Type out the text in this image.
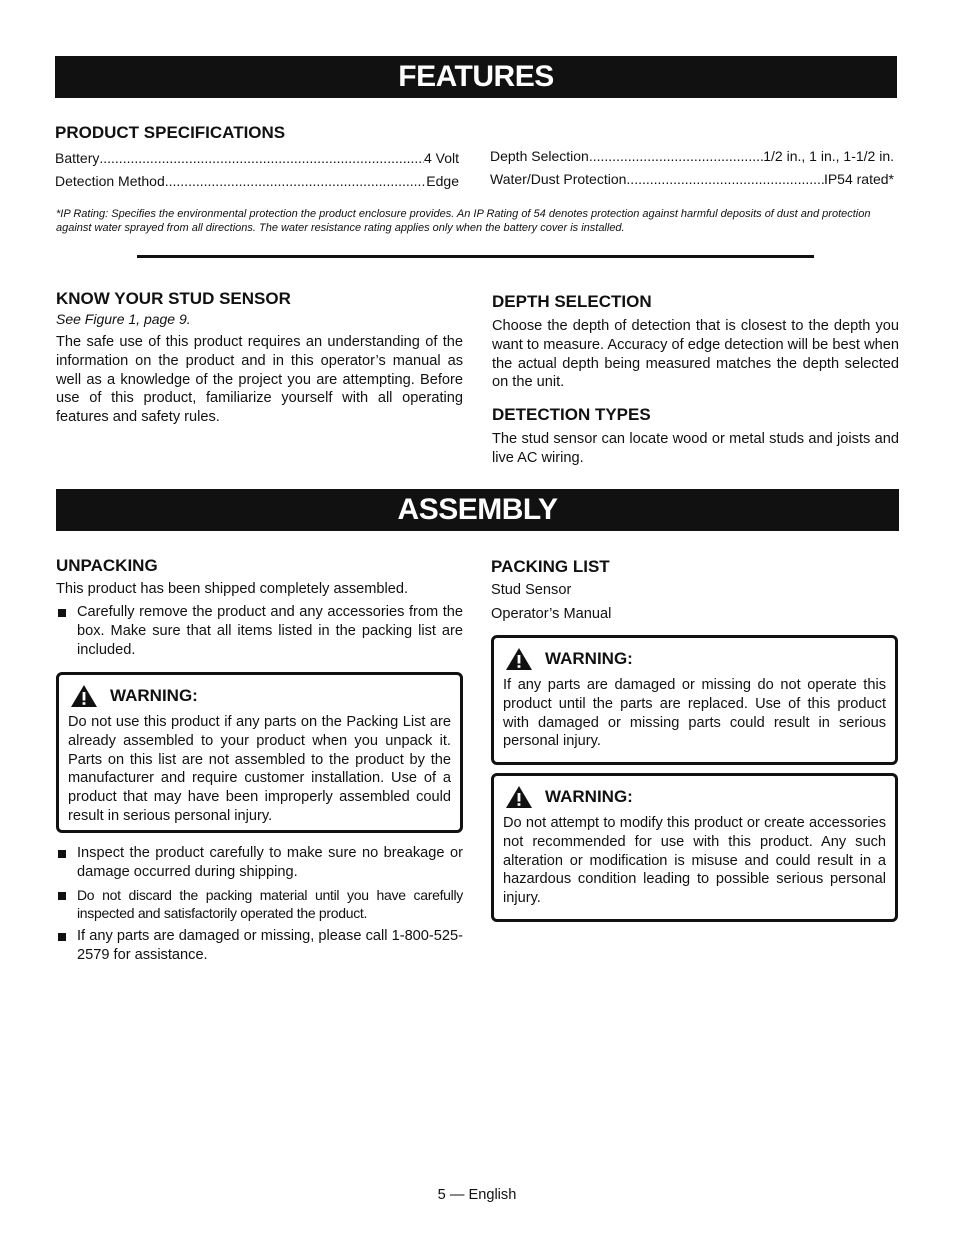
FEATURES
PRODUCT SPECIFICATIONS
Battery .....	4 Volt
Detection Method .....	Edge
Depth Selection .....	1/2 in., 1 in., 1-1/2 in.
Water/Dust Protection .....	IP54 rated*
*IP Rating: Specifies the environmental protection the product enclosure provides. An IP Rating of 54 denotes protection against harmful deposits of dust and protection against water sprayed from all directions. The water resistance rating applies only when the battery cover is installed.
KNOW YOUR STUD SENSOR
See Figure 1, page 9.
The safe use of this product requires an understanding of the information on the product and in this operator’s manual as well as a knowledge of the project you are attempting. Before use of this product, familiarize yourself with all operating features and safety rules.
DEPTH SELECTION
Choose the depth of detection that is closest to the depth you want to measure. Accuracy of edge detection will be best when the actual depth being measured matches the depth selected on the unit.
DETECTION TYPES
The stud sensor can locate wood or metal studs and joists and live AC wiring.
ASSEMBLY
UNPACKING
This product has been shipped completely assembled.
Carefully remove the product and any accessories from the box. Make sure that all items listed in the packing list are included.
WARNING:
Do not use this product if any parts on the Packing List are already assembled to your product when you unpack it. Parts on this list are not assembled to the product by the manufacturer and require customer installation. Use of a product that may have been improperly assembled could result in serious personal injury.
Inspect the product carefully to make sure no breakage or damage occurred during shipping.
Do not discard the packing material until you have carefully inspected and satisfactorily operated the product.
If any parts are damaged or missing, please call 1-800-525-2579 for assistance.
PACKING LIST
Stud Sensor
Operator’s Manual
WARNING:
If any parts are damaged or missing do not operate this product until the parts are replaced. Use of this product with damaged or missing parts could result in serious personal injury.
WARNING:
Do not attempt to modify this product or create accessories not recommended for use with this product. Any such alteration or modification is misuse and could result in a hazardous condition leading to possible serious personal injury.
5 — English
